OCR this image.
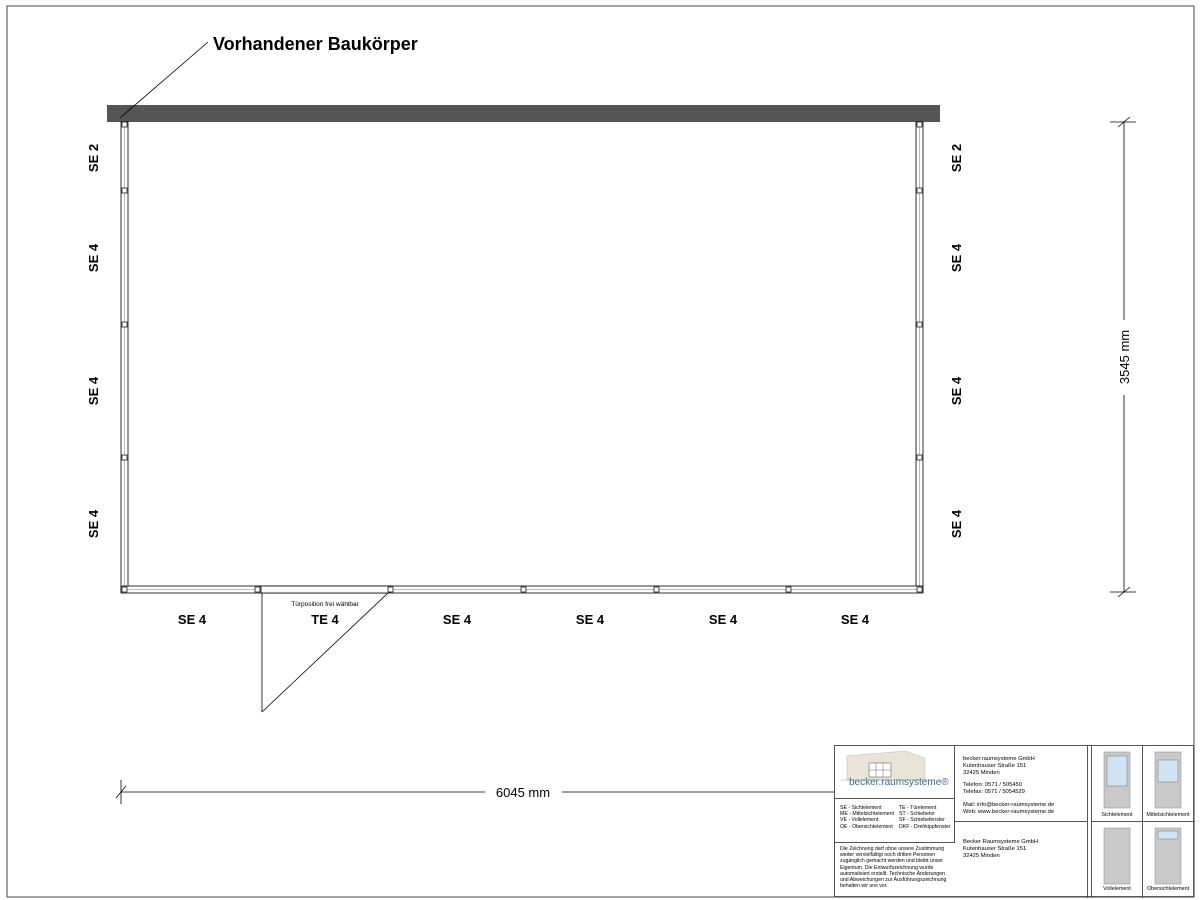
Vorhandener Baukörper
Türposition frei wählbar
SE 2
SE 4
SE 4
SE 4
SE 2
SE 4
SE 4
SE 4
SE 4	TE 4	SE 4	SE 4	SE 4	SE 4
6045 mm
3545 mm
becker.raumsysteme®
SE - Sichtelement
ME - Mittelsichtelement
VE - Vollelement
OE - Obersichtelement
TE - Türelement
ST - Schiebetor
SF - Schiebefenster
DKF - Drehkippfenster
Die Zeichnung darf ohne unsere Zustimmung weder vervielfältigt noch dritten Personen zugänglich gemacht werden und bleibt unser Eigentum. Die Entwurfszeichnung wurde automatisiert erstellt. Technische Änderungen und Abweichungen zur Ausführungszeichnung behalten wir uns vor.
becker.raumsysteme GmbH
Kutenhauser Straße 151
32425 Minden
Telefon: 0571 / 505450
Telefax: 0571 / 5054529
Mail: info@becker-raumsysteme.de
Web: www.becker-raumsysteme.de
Becker Raumsysteme GmbH
Kutenhauser Straße 151
32425 Minden
Sichtelement	Mittelsichtelement
Vollelement	Obersichtelement
